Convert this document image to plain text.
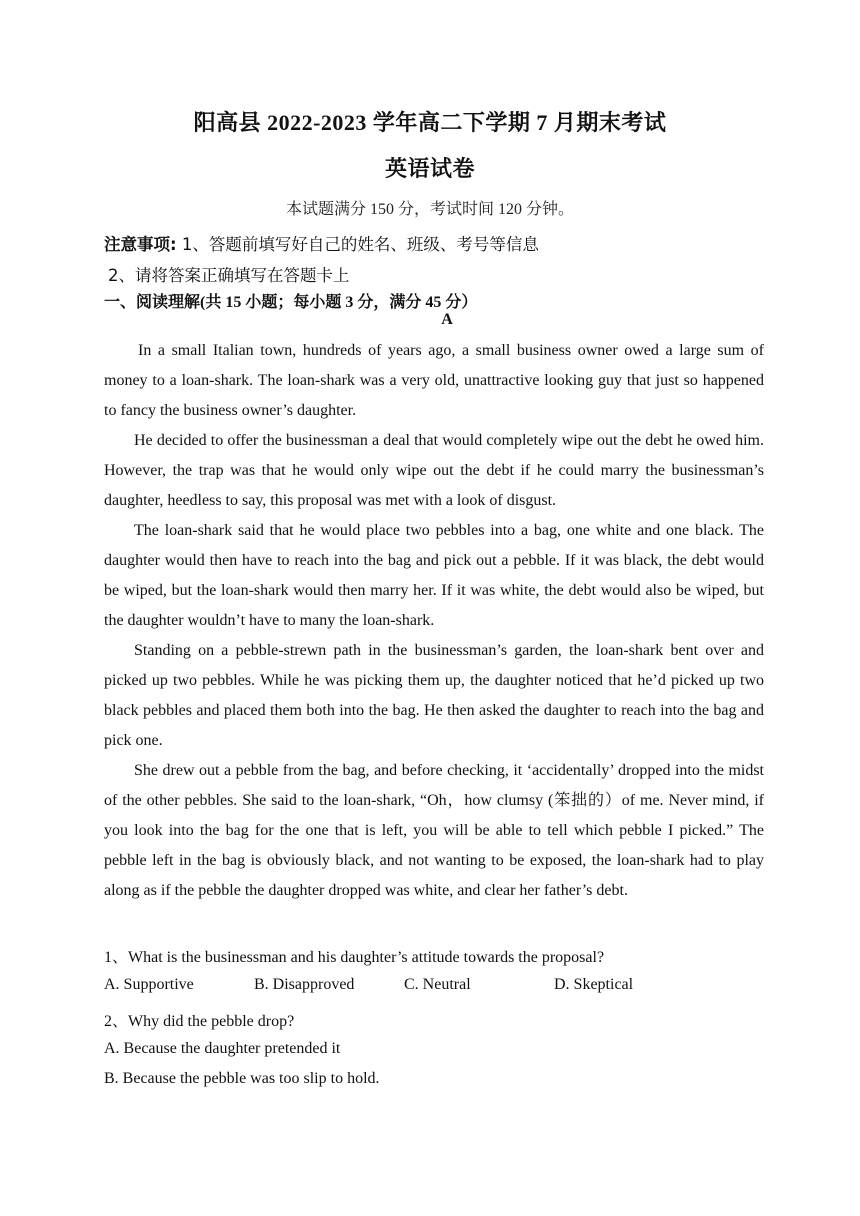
阳高县 2022-2023 学年高二下学期 7 月期末考试
英语试卷
本试题满分 150 分，考试时间 120 分钟。
注意事项: 1、答题前填写好自己的姓名、班级、考号等信息
2、请将答案正确填写在答题卡上
一、阅读理解(共 15 小题；每小题 3 分，满分 45 分）
A

In a small Italian town, hundreds of years ago, a small business owner owed a large sum of money to a loan-shark. The loan-shark was a very old, unattractive looking guy that just so happened to fancy the business owner’s daughter.

He decided to offer the businessman a deal that would completely wipe out the debt he owed him. However, the trap was that he would only wipe out the debt if he could marry the businessman’s daughter, heedless to say, this proposal was met with a look of disgust.

The loan-shark said that he would place two pebbles into a bag, one white and one black. The daughter would then have to reach into the bag and pick out a pebble. If it was black, the debt would be wiped, but the loan-shark would then marry her. If it was white, the debt would also be wiped, but the daughter wouldn’t have to many the loan-shark.

Standing on a pebble-strewn path in the businessman’s garden, the loan-shark bent over and picked up two pebbles. While he was picking them up, the daughter noticed that he’d picked up two black pebbles and placed them both into the bag. He then asked the daughter to reach into the bag and pick one.

She drew out a pebble from the bag, and before checking, it ‘accidentally’ dropped into the midst of the other pebbles. She said to the loan-shark, “Oh，how clumsy (笨拙的）of me. Never mind, if you look into the bag for the one that is left, you will be able to tell which pebble I picked.” The pebble left in the bag is obviously black, and not wanting to be exposed, the loan-shark had to play along as if the pebble the daughter dropped was white, and clear her father’s debt.

1、What is the businessman and his daughter’s attitude towards the proposal?
A. Supportive	B. Disapproved	C. Neutral	D. Skeptical
2、Why did the pebble drop?
A. Because the daughter pretended it
B. Because the pebble was too slip to hold.
